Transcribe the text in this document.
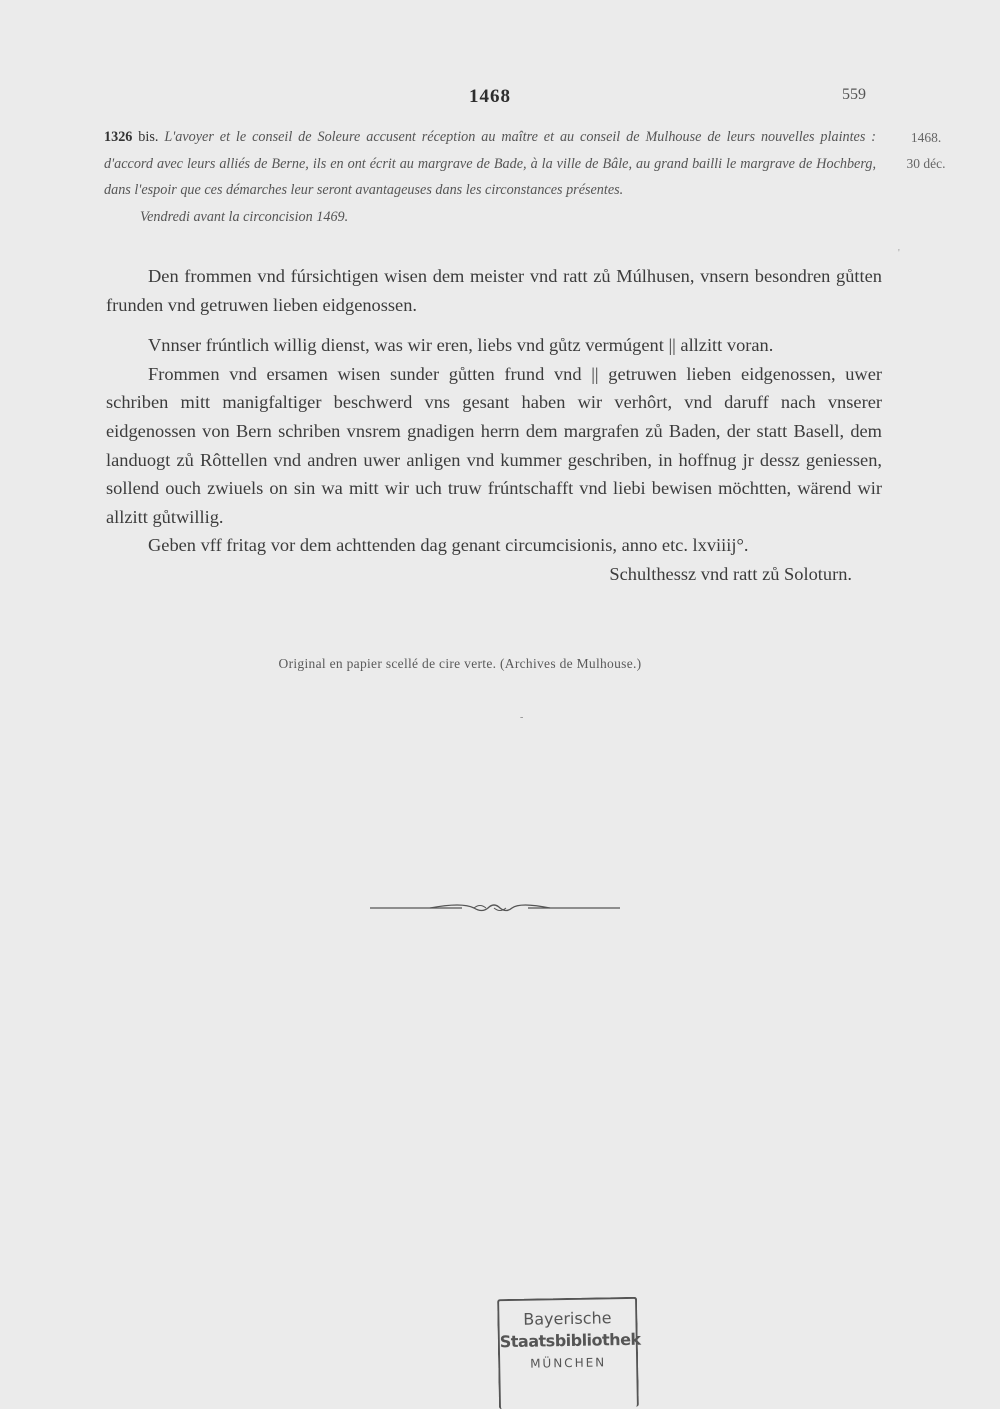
1468	559
1326 bis. L'avoyer et le conseil de Soleure accusent réception au maître et au conseil de Mulhouse de leurs nouvelles plaintes : d'accord avec leurs alliés de Berne, ils en ont écrit au margrave de Bade, à la ville de Bâle, au grand bailli le margrave de Hochberg, dans l'espoir que ces démarches leur seront avantageuses dans les circonstances présentes.
Vendredi avant la circoncision 1469.
1468.
30 déc.
'

Den frommen vnd fúrsichtigen wisen dem meister vnd ratt zů Múlhusen, vnsern besondren gůtten frunden vnd getruwen lieben eidgenossen.

Vnnser frúntlich willig dienst, was wir eren, liebs vnd gůtz vermúgent || allzitt voran.

Frommen vnd ersamen wisen sunder gůtten frund vnd || getruwen lieben eidgenossen, uwer schriben mitt manigfaltiger beschwerd vns gesant haben wir verhôrt, vnd daruff nach vnserer eidgenossen von Bern schriben vnsrem gnadigen herrn dem margrafen zů Baden, der statt Basell, dem landuogt zů Rôttellen vnd andren uwer anligen vnd kummer geschriben, in hoffnug jr dessz geniessen, sollend ouch zwiuels on sin wa mitt wir uch truw frúntschafft vnd liebi bewisen möchtten, wärend wir allzitt gůtwillig.

Geben vff fritag vor dem achttenden dag genant circumcisionis, anno etc. lxviiij°.

Schulthessz vnd ratt zů Soloturn.

Original en papier scellé de cire verte. (Archives de Mulhouse.)
-
Bayerische
Staatsbibliothek
MÜNCHEN
